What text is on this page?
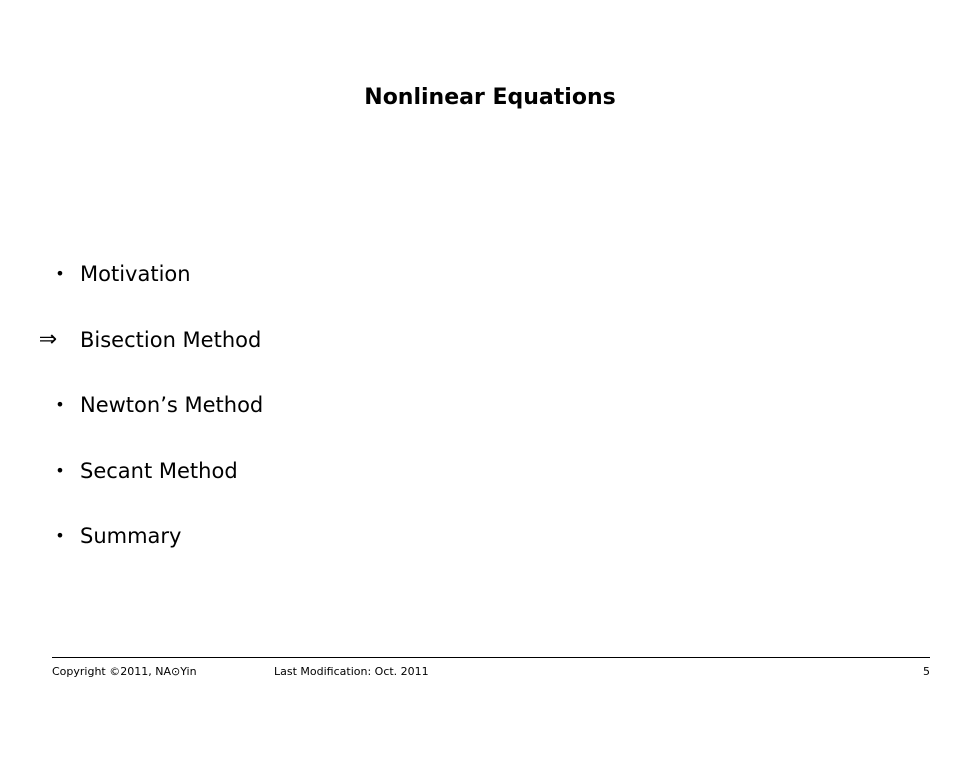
Nonlinear Equations
• Motivation
⇒	Bisection Method
• Newton’s Method
• Secant Method
• Summary
Copyright ©2011, NA⊙Yin	Last Modification: Oct. 2011	5
